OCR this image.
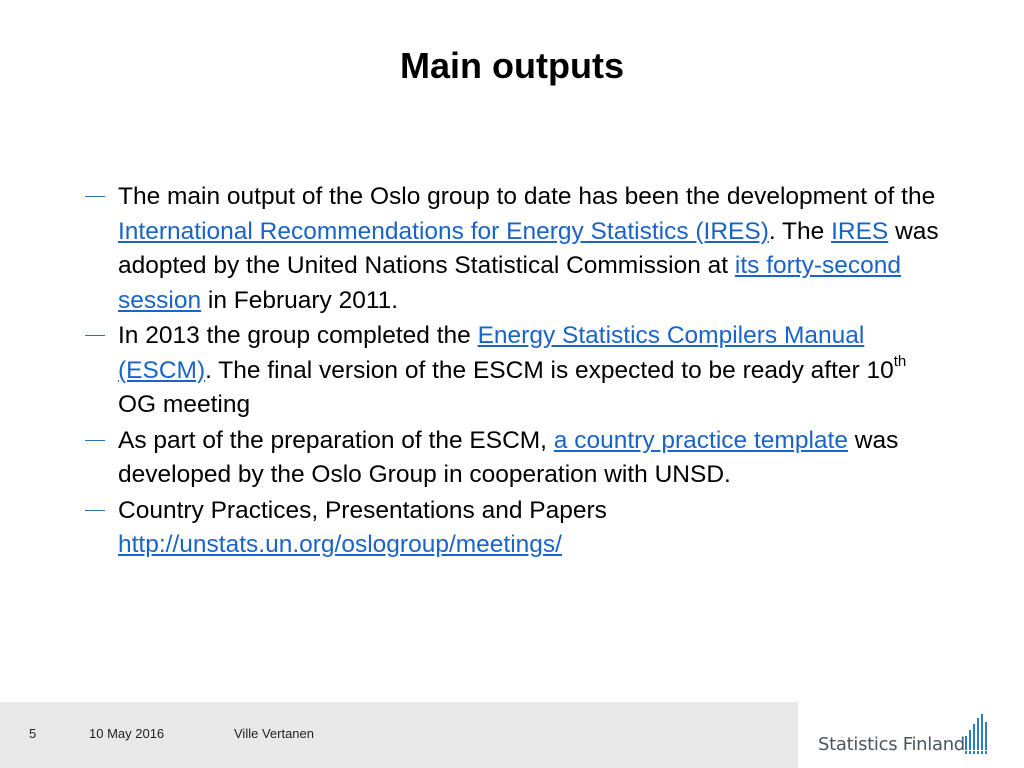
Main outputs
The main output of the Oslo group to date has been the development of the International Recommendations for Energy Statistics (IRES). The IRES was adopted by the United Nations Statistical Commission at its forty-second session in February 2011.
In 2013 the group completed the Energy Statistics Compilers Manual (ESCM). The final version of the ESCM is expected to be ready after 10th OG meeting
As part of the preparation of the ESCM, a country practice template was developed by the Oslo Group in cooperation with UNSD.
Country Practices, Presentations and Papers http://unstats.un.org/oslogroup/meetings/
5	10 May 2016	Ville Vertanen
Statistics Finland
